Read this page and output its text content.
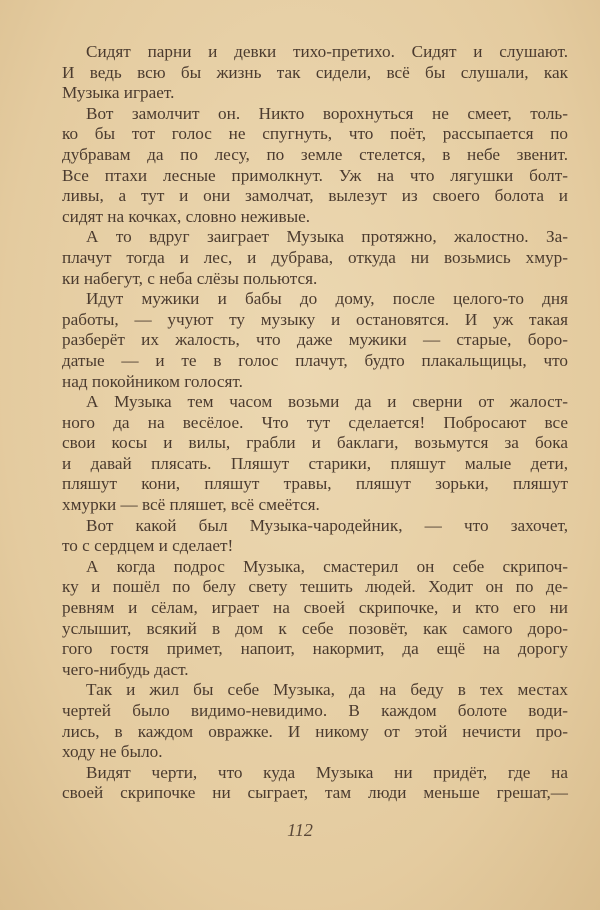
Сидят парни и девки тихо-претихо. Сидят и слушают.
И ведь всю бы жизнь так сидели, всё бы слушали, как
Музыка играет.
Вот замолчит он. Никто ворохнуться не смеет, толь-
ко бы тот голос не спугнуть, что поёт, рассыпается по
дубравам да по лесу, по земле стелется, в небе звенит.
Все птахи лесные примолкнут. Уж на что лягушки болт-
ливы, а тут и они замолчат, вылезут из своего болота и
сидят на кочках, словно неживые.
А то вдруг заиграет Музыка протяжно, жалостно. За-
плачут тогда и лес, и дубрава, откуда ни возьмись хмур-
ки набегут, с неба слёзы польются.
Идут мужики и бабы до дому, после целого-то дня
работы, — учуют ту музыку и остановятся. И уж такая
разберёт их жалость, что даже мужики — старые, боро-
датые — и те в голос плачут, будто плакальщицы, что
над покойником голосят.
А Музыка тем часом возьми да и сверни от жалост-
ного да на весёлое. Что тут сделается! Побросают все
свои косы и вилы, грабли и баклаги, возьмутся за бока
и давай плясать. Пляшут старики, пляшут малые дети,
пляшут кони, пляшут травы, пляшут зорьки, пляшут
хмурки — всё пляшет, всё смеётся.
Вот какой был Музыка-чародейник, — что захочет,
то с сердцем и сделает!
А когда подрос Музыка, смастерил он себе скрипоч-
ку и пошёл по белу свету тешить людей. Ходит он по де-
ревням и сёлам, играет на своей скрипочке, и кто его ни
услышит, всякий в дом к себе позовёт, как самого доро-
гого гостя примет, напоит, накормит, да ещё на дорогу
чего-нибудь даст.
Так и жил бы себе Музыка, да на беду в тех местах
чертей было видимо-невидимо. В каждом болоте води-
лись, в каждом овражке. И никому от этой нечисти про-
ходу не было.
Видят черти, что куда Музыка ни придёт, где на
своей скрипочке ни сыграет, там люди меньше грешат,—
112
